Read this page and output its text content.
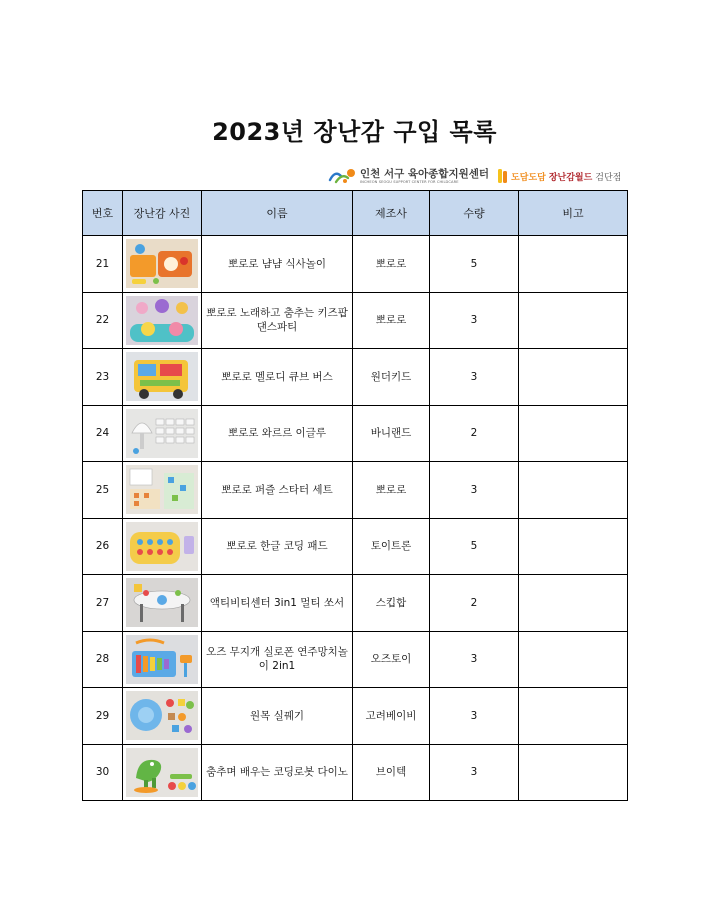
2023년 장난감 구입 목록
인천 서구 육아종합지원센터
INCHEON SEOGU SUPPORT CENTER FOR CHILDCARE	도담도담 장난감월드 검단점
번호	장난감 사진	이름	제조사	수량	비고
21		뽀로로 냠냠 식사놀이	뽀로로	5	
22		뽀로로 노래하고 춤추는 키즈팝 댄스파티	뽀로로	3	
23		뽀로로 멜로디 큐브 버스	원더키드	3	
24		뽀로로 와르르 이글루	바니랜드	2	
25		뽀로로 퍼즐 스타터 세트	뽀로로	3	
26		뽀로로 한글 코딩 패드	토이트론	5	
27		액티비티센터 3in1 멀티 쏘서	스킵합	2	
28		오즈 무지개 실로폰 연주망치놀이 2in1	오즈토이	3	
29		원목 실꿰기	고려베이비	3	
30		춤추며 배우는 코딩로봇 다이노	브이텍	3	
